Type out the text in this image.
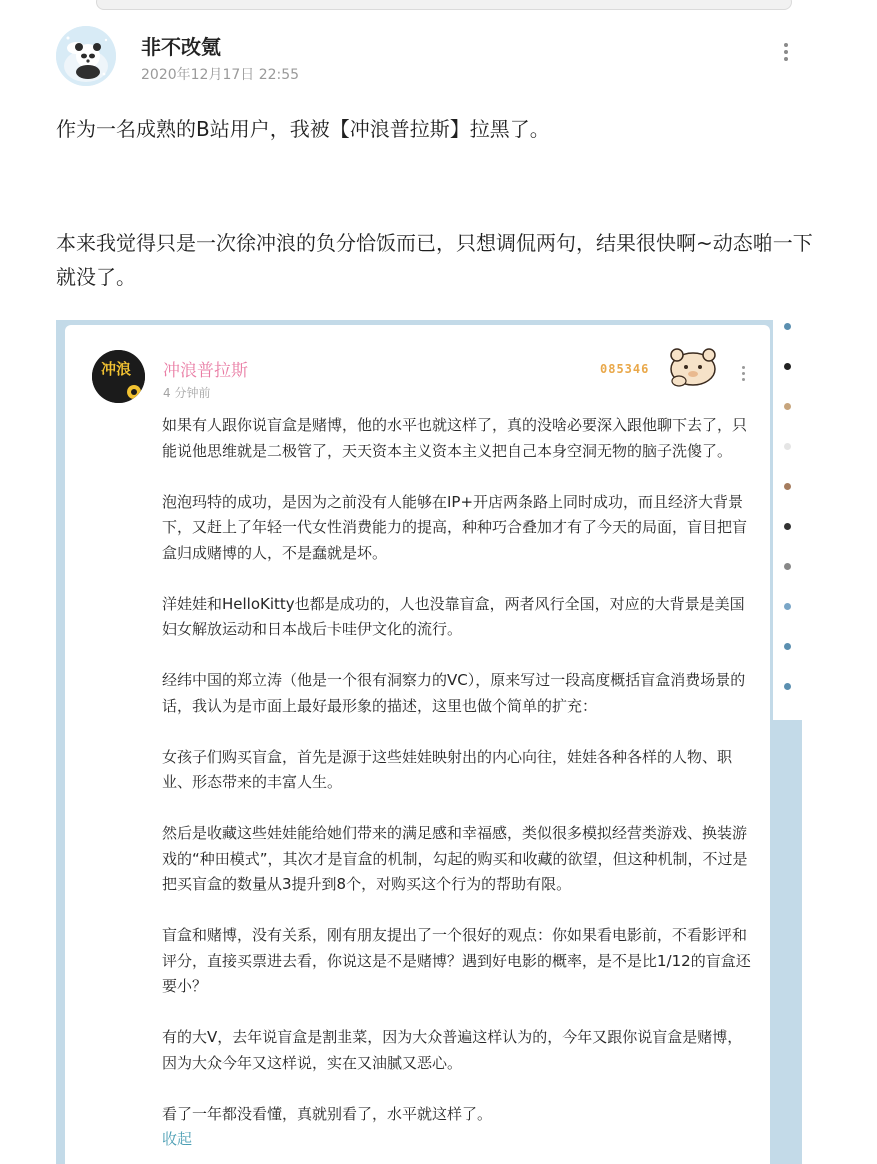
非不改氪
2020年12月17日 22:55

作为一名成熟的B站用户，我被【冲浪普拉斯】拉黑了。

本来我觉得只是一次徐冲浪的负分恰饭而已，只想调侃两句，结果很快啊~动态啪一下就没了。

冲浪 冲浪普拉斯
4 分钟前
085346

如果有人跟你说盲盒是赌博，他的水平也就这样了，真的没啥必要深入跟他聊下去了，只能说他思维就是二极管了，天天资本主义资本主义把自己本身空洞无物的脑子洗傻了。

泡泡玛特的成功，是因为之前没有人能够在IP+开店两条路上同时成功，而且经济大背景下，又赶上了年轻一代女性消费能力的提高，种种巧合叠加才有了今天的局面，盲目把盲盒归成赌博的人，不是蠢就是坏。

洋娃娃和HelloKitty也都是成功的，人也没靠盲盒，两者风行全国，对应的大背景是美国妇女解放运动和日本战后卡哇伊文化的流行。

经纬中国的郑立涛（他是一个很有洞察力的VC），原来写过一段高度概括盲盒消费场景的话，我认为是市面上最好最形象的描述，这里也做个简单的扩充：

女孩子们购买盲盒，首先是源于这些娃娃映射出的内心向往，娃娃各种各样的人物、职业、形态带来的丰富人生。

然后是收藏这些娃娃能给她们带来的满足感和幸福感，类似很多模拟经营类游戏、换装游戏的“种田模式”，其次才是盲盒的机制，勾起的购买和收藏的欲望，但这种机制，不过是把买盲盒的数量从3提升到8个，对购买这个行为的帮助有限。

盲盒和赌博，没有关系，刚有朋友提出了一个很好的观点：你如果看电影前，不看影评和评分，直接买票进去看，你说这是不是赌博？遇到好电影的概率，是不是比1/12的盲盒还要小？

有的大V，去年说盲盒是割韭菜，因为大众普遍这样认为的，今年又跟你说盲盒是赌博，因为大众今年又这样说，实在又油腻又恶心。

看了一年都没看懂，真就别看了，水平就这样了。

收起
